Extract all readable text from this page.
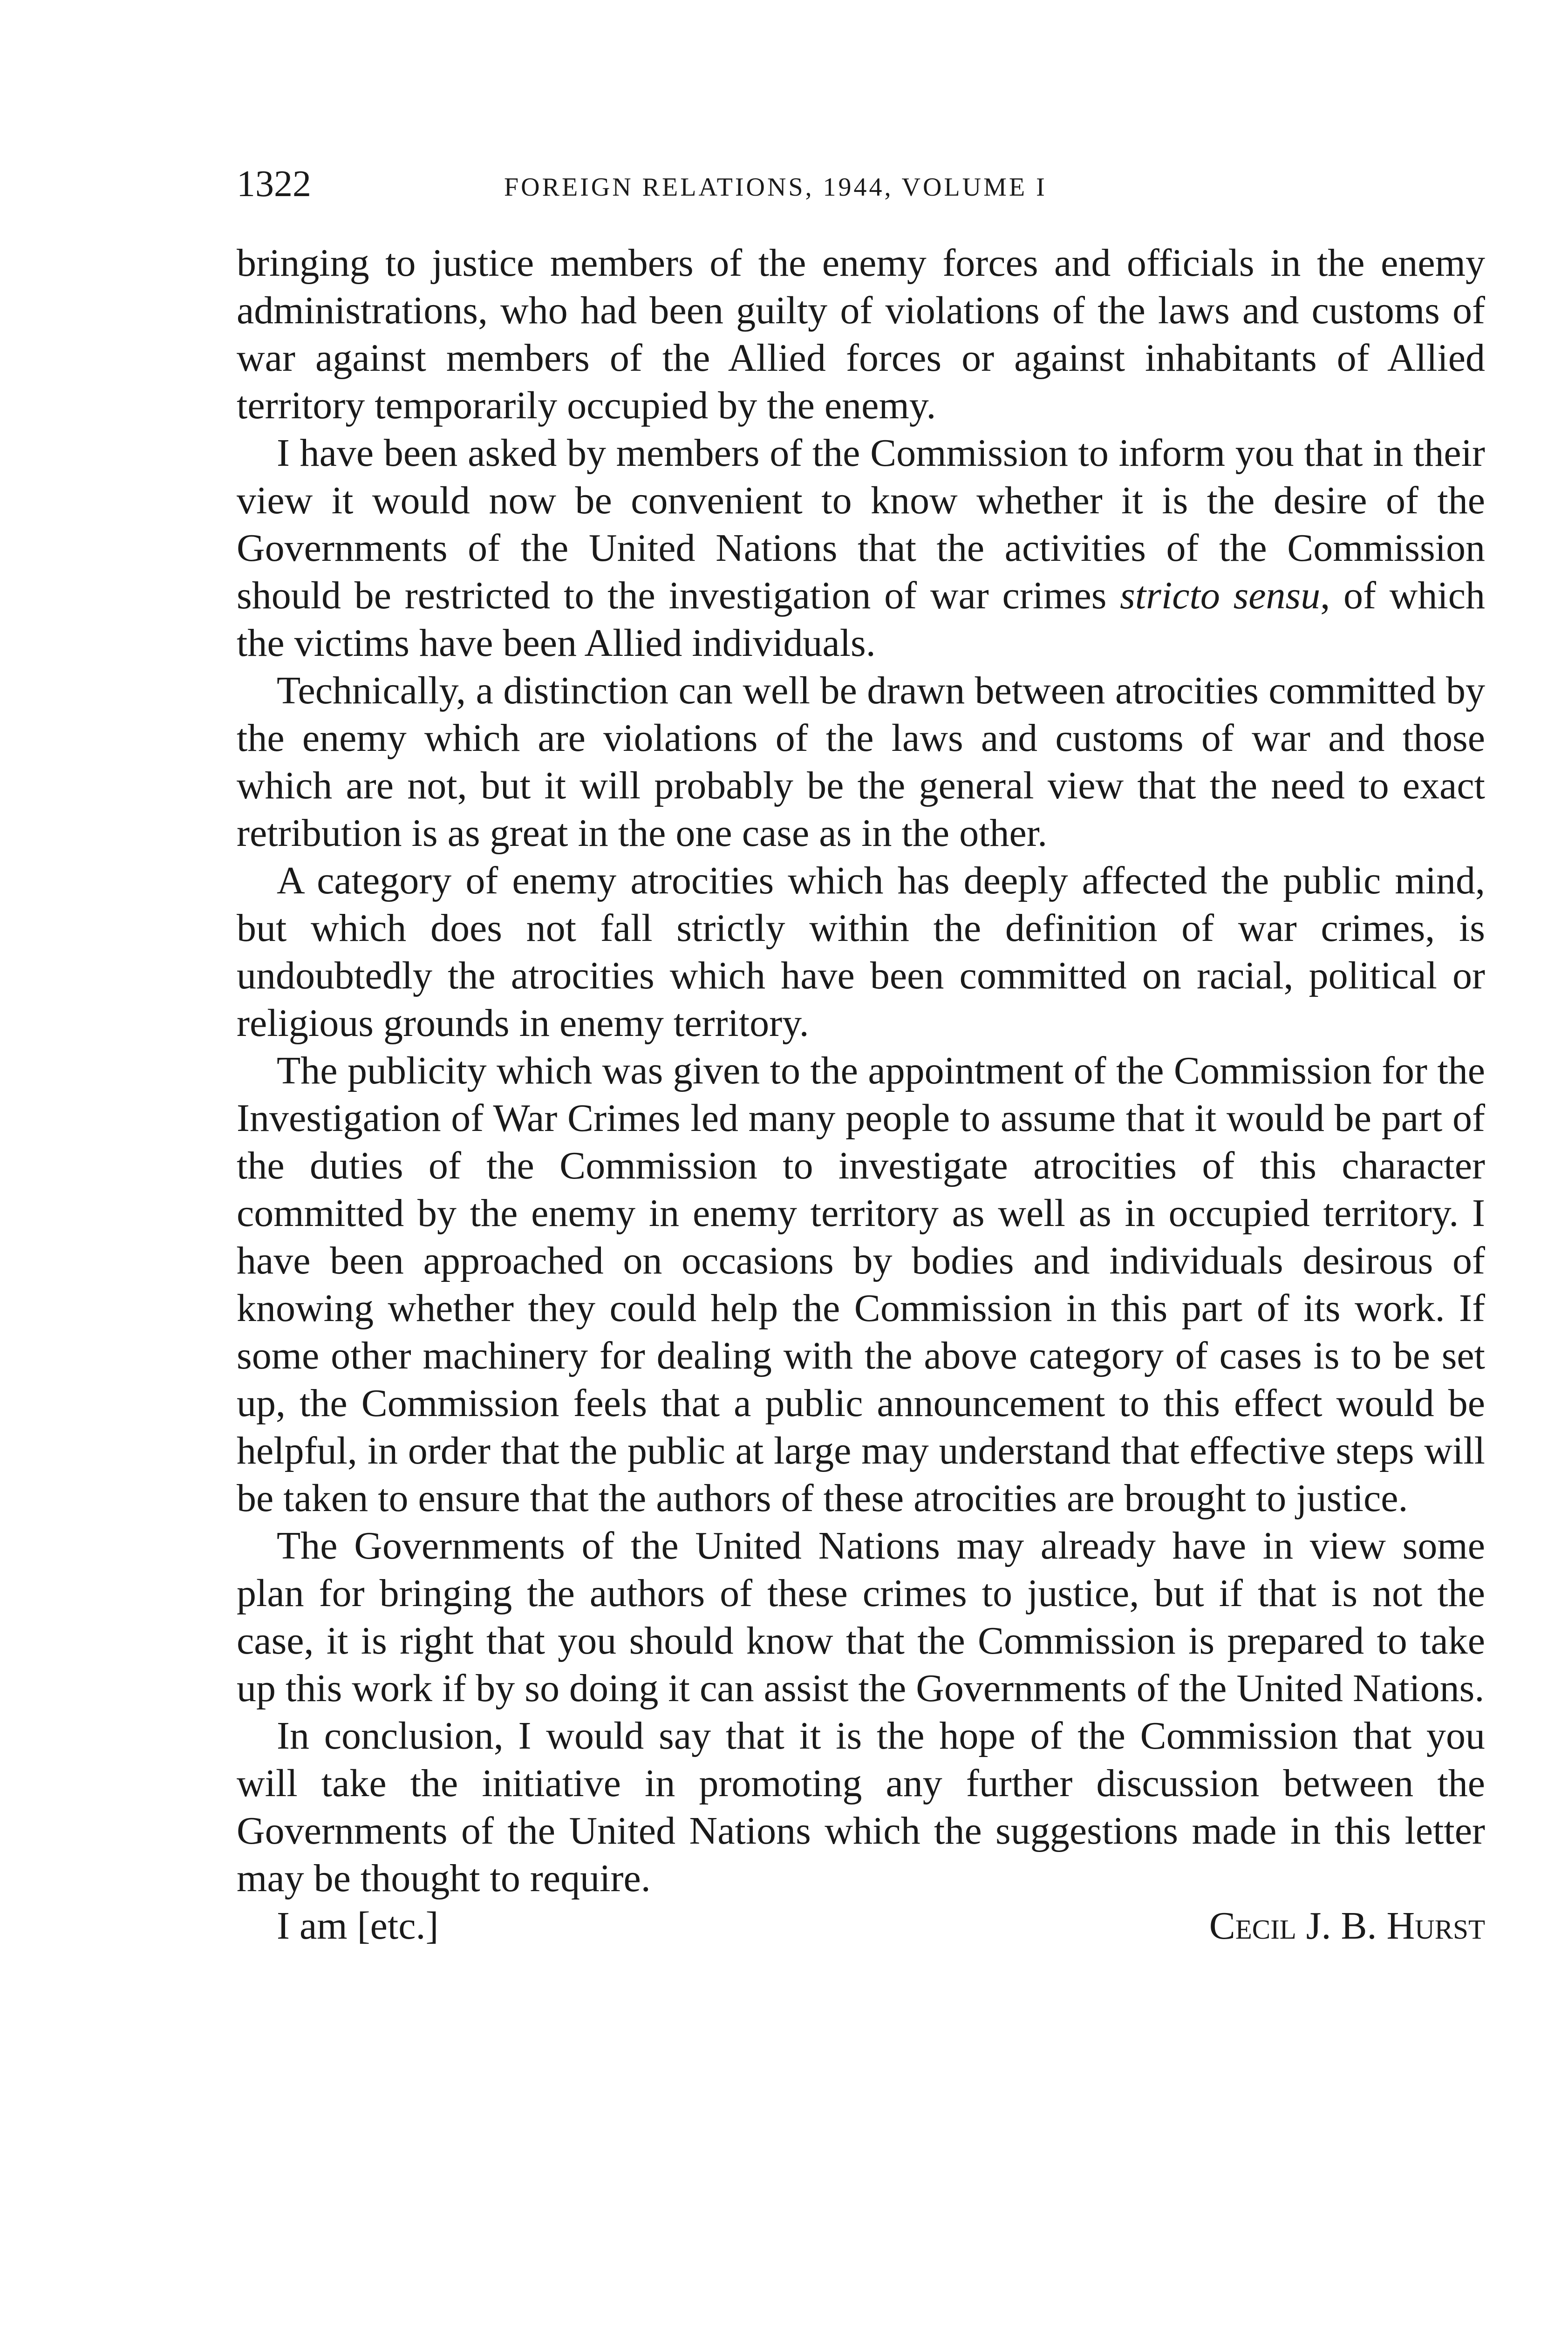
1322	FOREIGN RELATIONS, 1944, VOLUME I

bringing to justice members of the enemy forces and officials in the enemy administrations, who had been guilty of violations of the laws and customs of war against members of the Allied forces or against inhabitants of Allied territory temporarily occupied by the enemy.

I have been asked by members of the Commission to inform you that in their view it would now be convenient to know whether it is the desire of the Governments of the United Nations that the activities of the Commission should be restricted to the investigation of war crimes stricto sensu, of which the victims have been Allied individuals.

Technically, a distinction can well be drawn between atrocities committed by the enemy which are violations of the laws and customs of war and those which are not, but it will probably be the general view that the need to exact retribution is as great in the one case as in the other.

A category of enemy atrocities which has deeply affected the public mind, but which does not fall strictly within the definition of war crimes, is undoubtedly the atrocities which have been committed on racial, political or religious grounds in enemy territory.

The publicity which was given to the appointment of the Commission for the Investigation of War Crimes led many people to assume that it would be part of the duties of the Commission to investigate atrocities of this character committed by the enemy in enemy territory as well as in occupied territory. I have been approached on occasions by bodies and individuals desirous of knowing whether they could help the Commission in this part of its work. If some other machinery for dealing with the above category of cases is to be set up, the Commission feels that a public announcement to this effect would be helpful, in order that the public at large may understand that effective steps will be taken to ensure that the authors of these atrocities are brought to justice.

The Governments of the United Nations may already have in view some plan for bringing the authors of these crimes to justice, but if that is not the case, it is right that you should know that the Commission is prepared to take up this work if by so doing it can assist the Governments of the United Nations.

In conclusion, I would say that it is the hope of the Commission that you will take the initiative in promoting any further discussion between the Governments of the United Nations which the suggestions made in this letter may be thought to require.

I am [etc.]	Cecil J. B. Hurst
